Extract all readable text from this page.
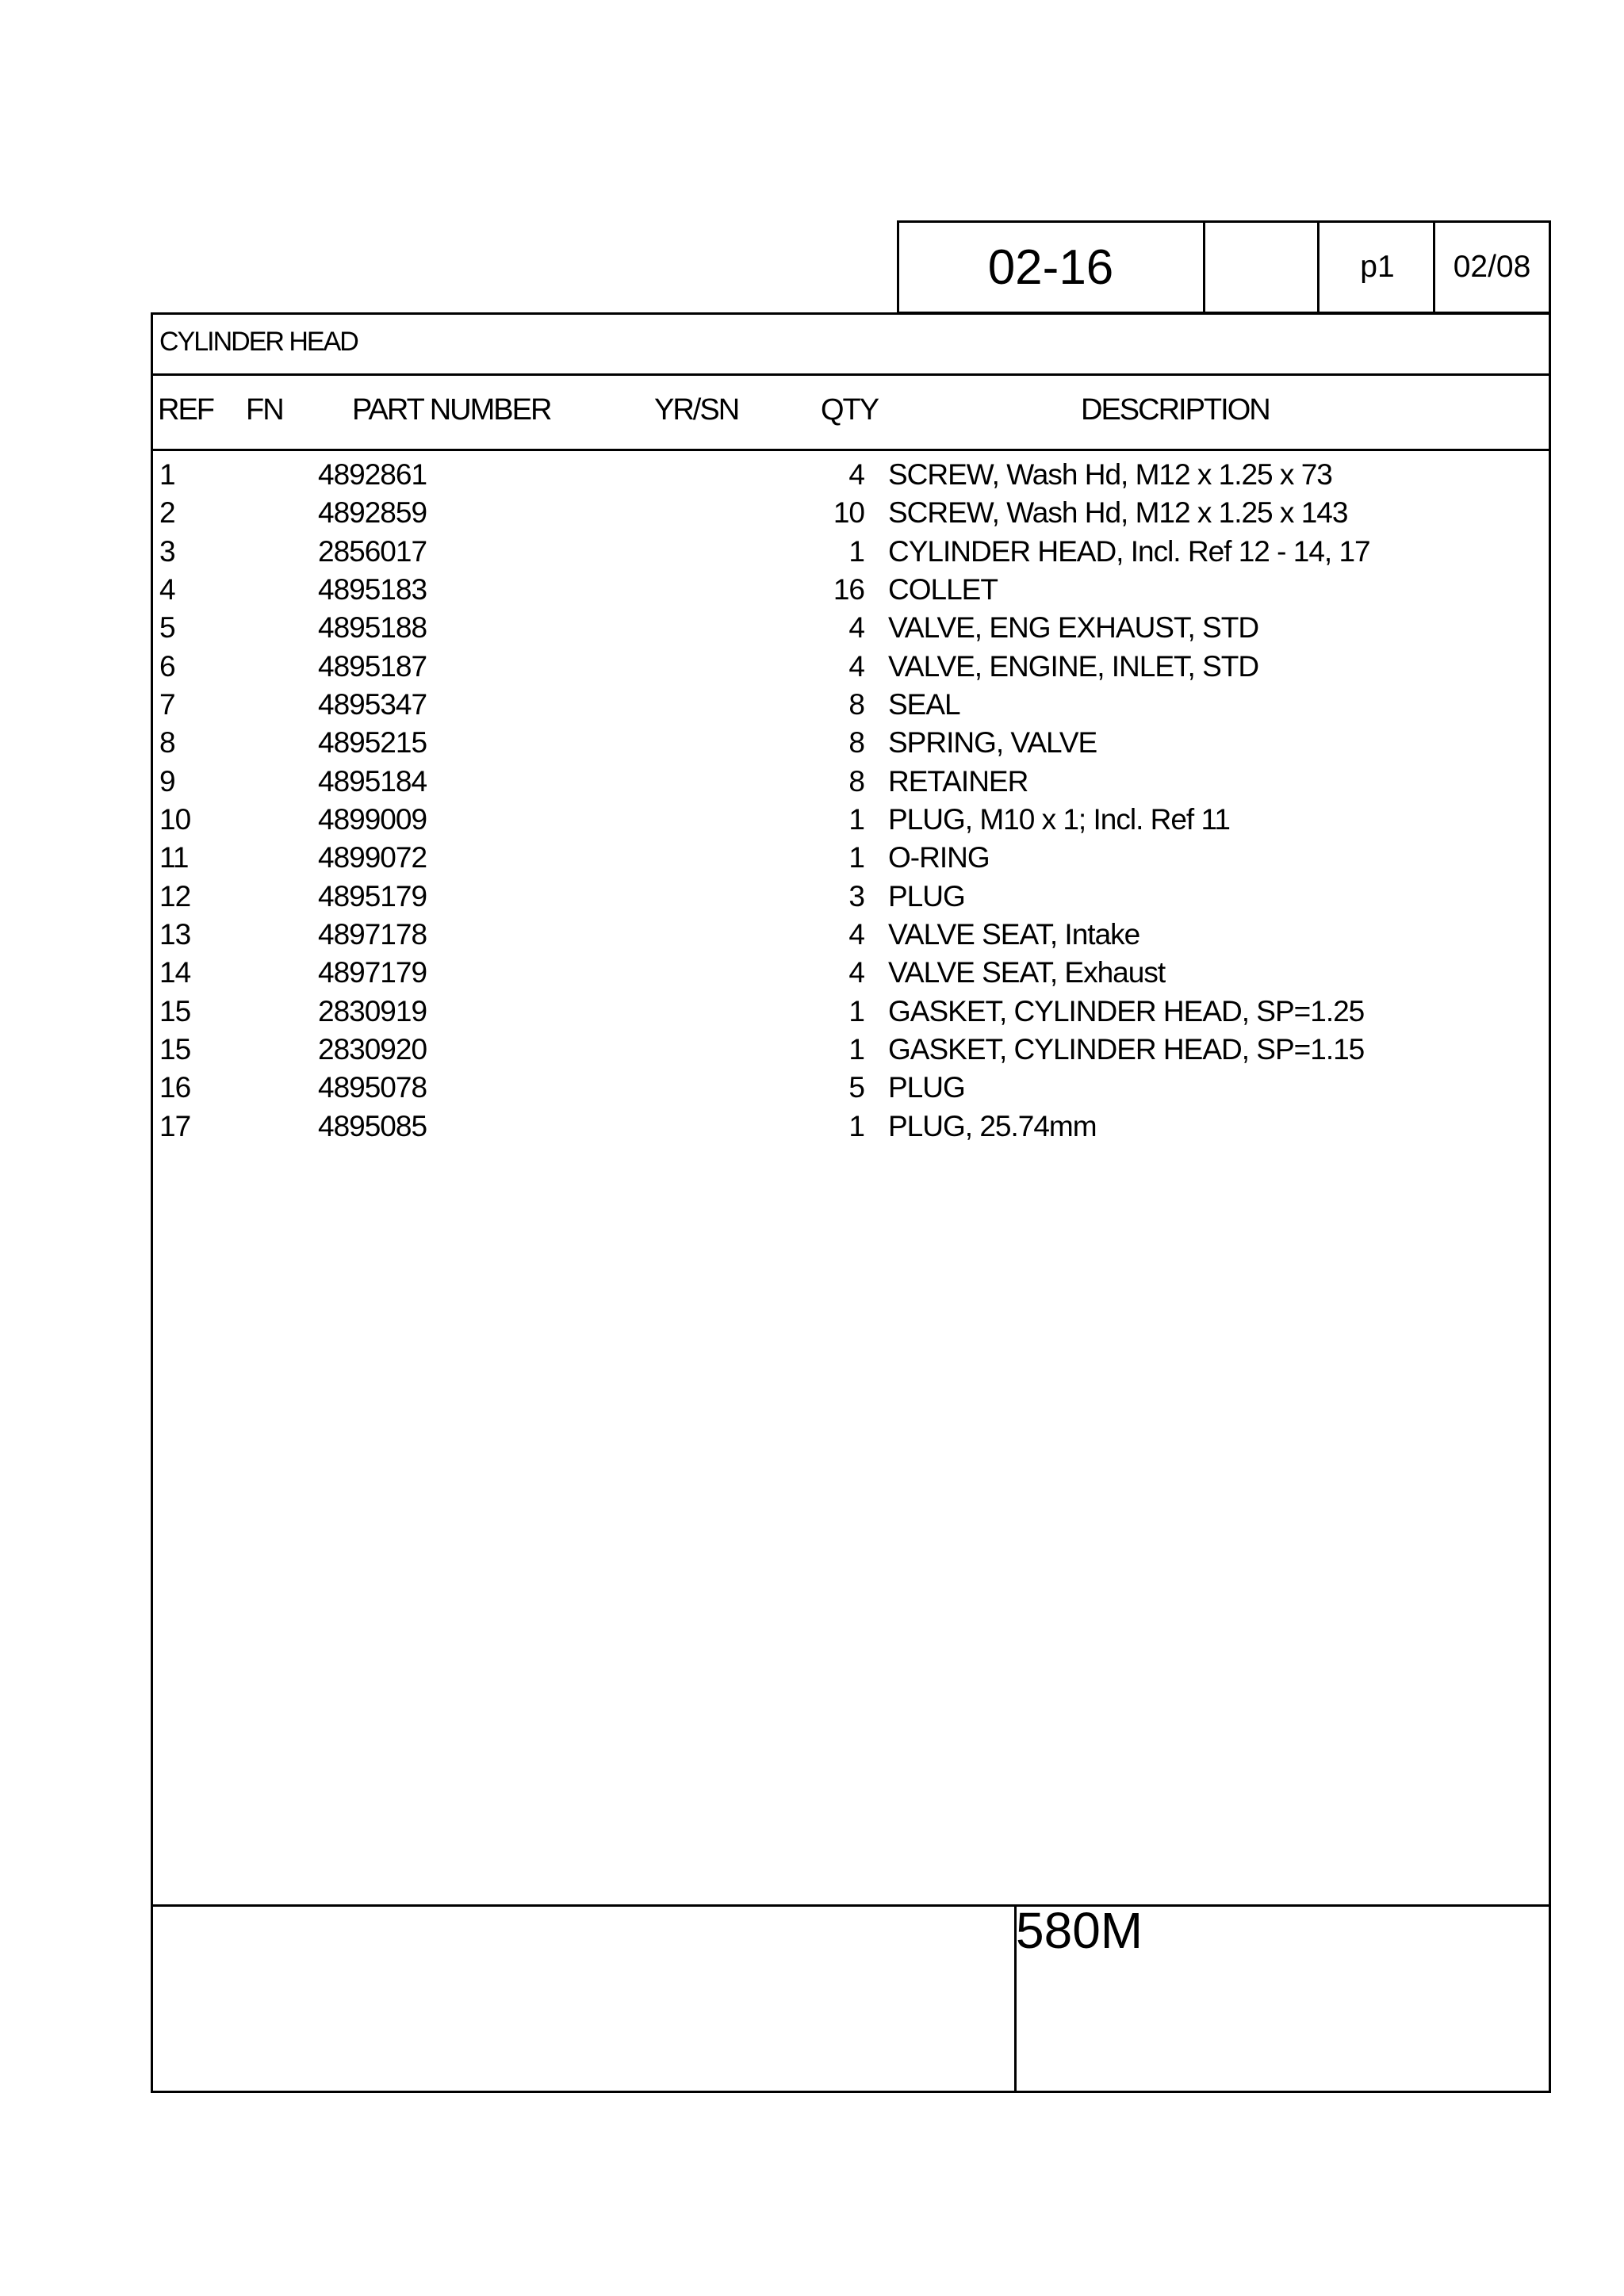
02-16	p1	02/08
CYLINDER HEAD
REF FN PART NUMBER	YR/SN	QTY	DESCRIPTION
1	4892861	4 SCREW, Wash Hd, M12 x 1.25 x 73
2	4892859	10 SCREW, Wash Hd, M12 x 1.25 x 143
3	2856017	1 CYLINDER HEAD, Incl. Ref 12 - 14, 17
4	4895183	16 COLLET
5	4895188	4 VALVE, ENG EXHAUST, STD
6	4895187	4 VALVE, ENGINE, INLET, STD
7	4895347	8 SEAL
8	4895215	8 SPRING, VALVE
9	4895184	8 RETAINER
10	4899009	1 PLUG, M10 x 1; Incl. Ref 11
11	4899072	1 O-RING
12	4895179	3 PLUG
13	4897178	4 VALVE SEAT, Intake
14	4897179	4 VALVE SEAT, Exhaust
15	2830919	1 GASKET, CYLINDER HEAD, SP=1.25
15	2830920	1 GASKET, CYLINDER HEAD, SP=1.15
16	4895078	5 PLUG
17	4895085	1 PLUG, 25.74mm
580M
